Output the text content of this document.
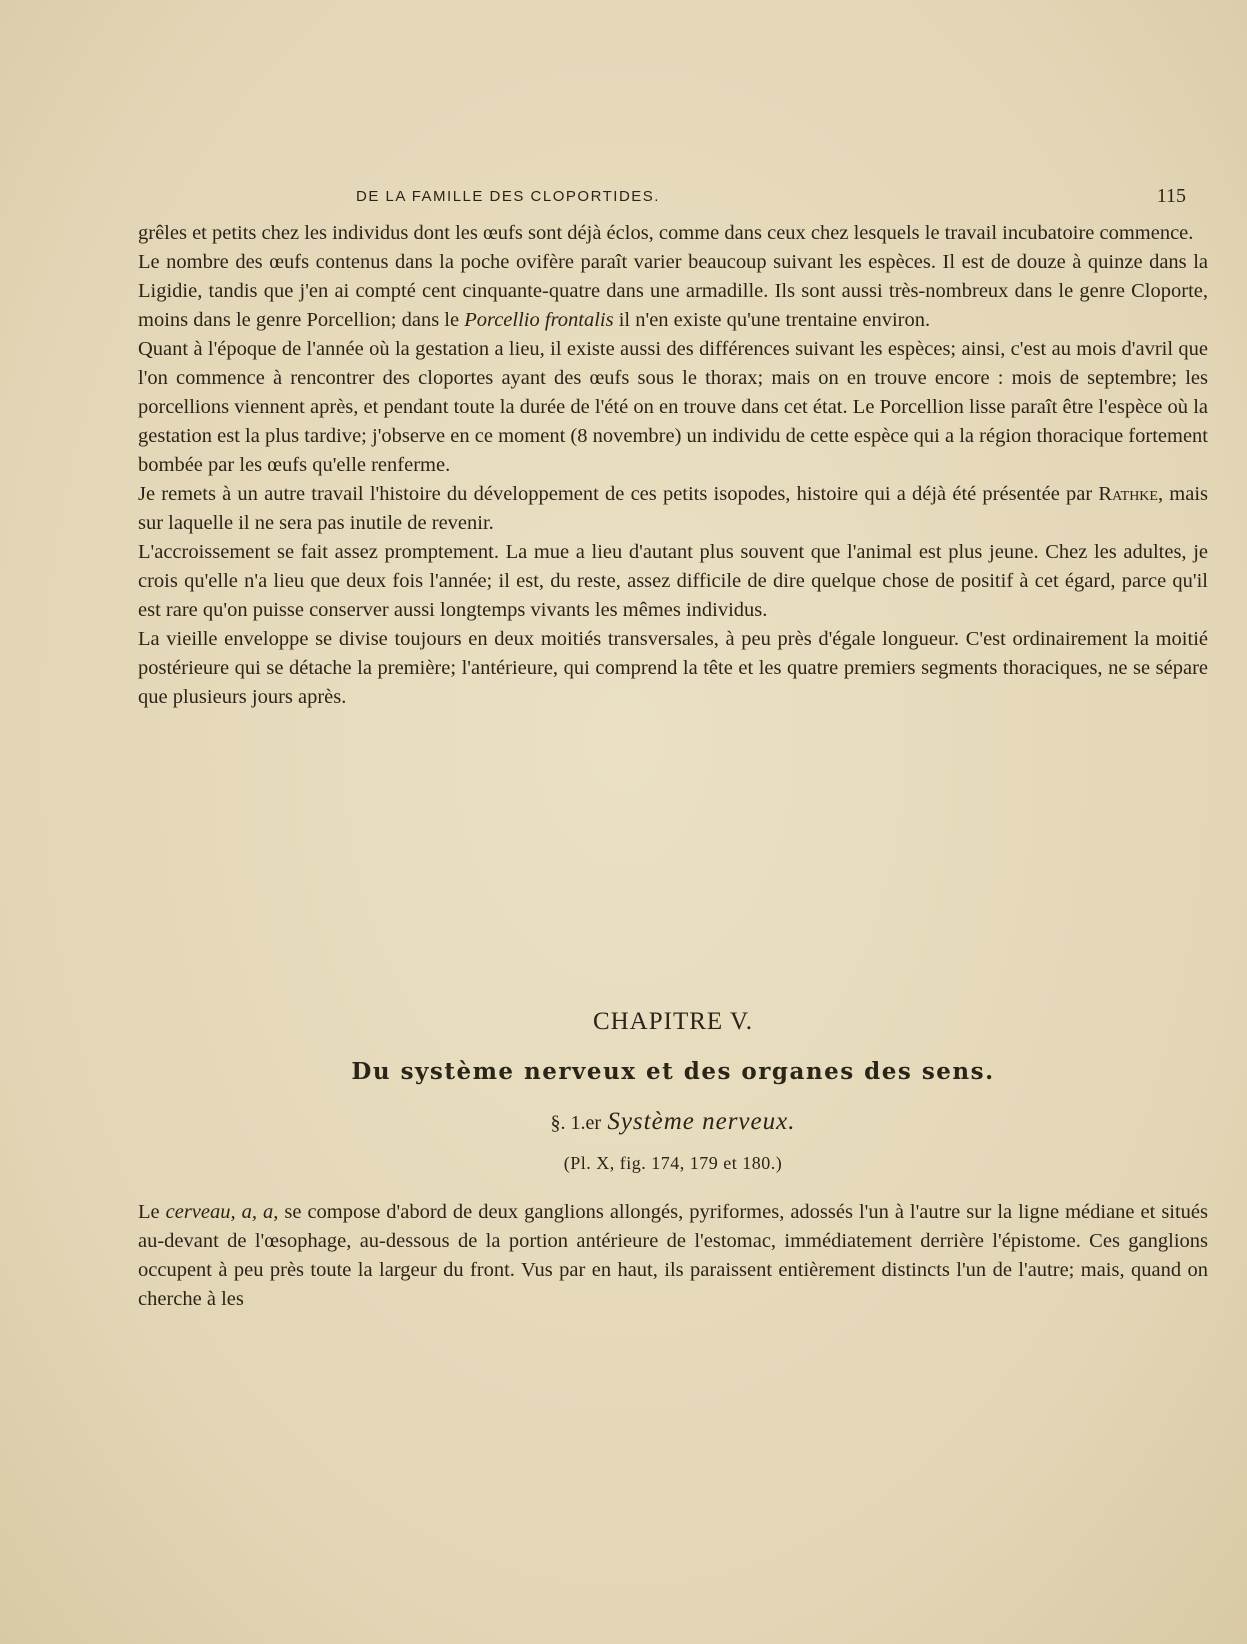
DE LA FAMILLE DES CLOPORTIDES.	115

grêles et petits chez les individus dont les œufs sont déjà éclos, comme dans ceux chez lesquels le travail incubatoire commence.

Le nombre des œufs contenus dans la poche ovifère paraît varier beaucoup suivant les espèces. Il est de douze à quinze dans la Ligidie, tandis que j'en ai compté cent cinquante-quatre dans une armadille. Ils sont aussi très-nombreux dans le genre Cloporte, moins dans le genre Porcellion; dans le Porcellio frontalis il n'en existe qu'une trentaine environ.

Quant à l'époque de l'année où la gestation a lieu, il existe aussi des différences suivant les espèces; ainsi, c'est au mois d'avril que l'on commence à rencontrer des cloportes ayant des œufs sous le thorax; mais on en trouve encore : mois de septembre; les porcellions viennent après, et pendant toute la durée de l'été on en trouve dans cet état. Le Porcellion lisse paraît être l'espèce où la gestation est la plus tardive; j'observe en ce moment (8 novembre) un individu de cette espèce qui a la région thoracique fortement bombée par les œufs qu'elle renferme.

Je remets à un autre travail l'histoire du développement de ces petits isopodes, histoire qui a déjà été présentée par Rathke, mais sur laquelle il ne sera pas inutile de revenir.

L'accroissement se fait assez promptement. La mue a lieu d'autant plus souvent que l'animal est plus jeune. Chez les adultes, je crois qu'elle n'a lieu que deux fois l'année; il est, du reste, assez difficile de dire quelque chose de positif à cet égard, parce qu'il est rare qu'on puisse conserver aussi longtemps vivants les mêmes individus.

La vieille enveloppe se divise toujours en deux moitiés transversales, à peu près d'égale longueur. C'est ordinairement la moitié postérieure qui se détache la première; l'antérieure, qui comprend la tête et les quatre premiers segments thoraciques, ne se sépare que plusieurs jours après.

CHAPITRE V.
Du système nerveux et des organes des sens.
§. 1.er Système nerveux.
(Pl. X, fig. 174, 179 et 180.)

Le cerveau, a, a, se compose d'abord de deux ganglions allongés, pyriformes, adossés l'un à l'autre sur la ligne médiane et situés au-devant de l'œsophage, au-dessous de la portion antérieure de l'estomac, immédiatement derrière l'épistome. Ces ganglions occupent à peu près toute la largeur du front. Vus par en haut, ils paraissent entièrement distincts l'un de l'autre; mais, quand on cherche à les
